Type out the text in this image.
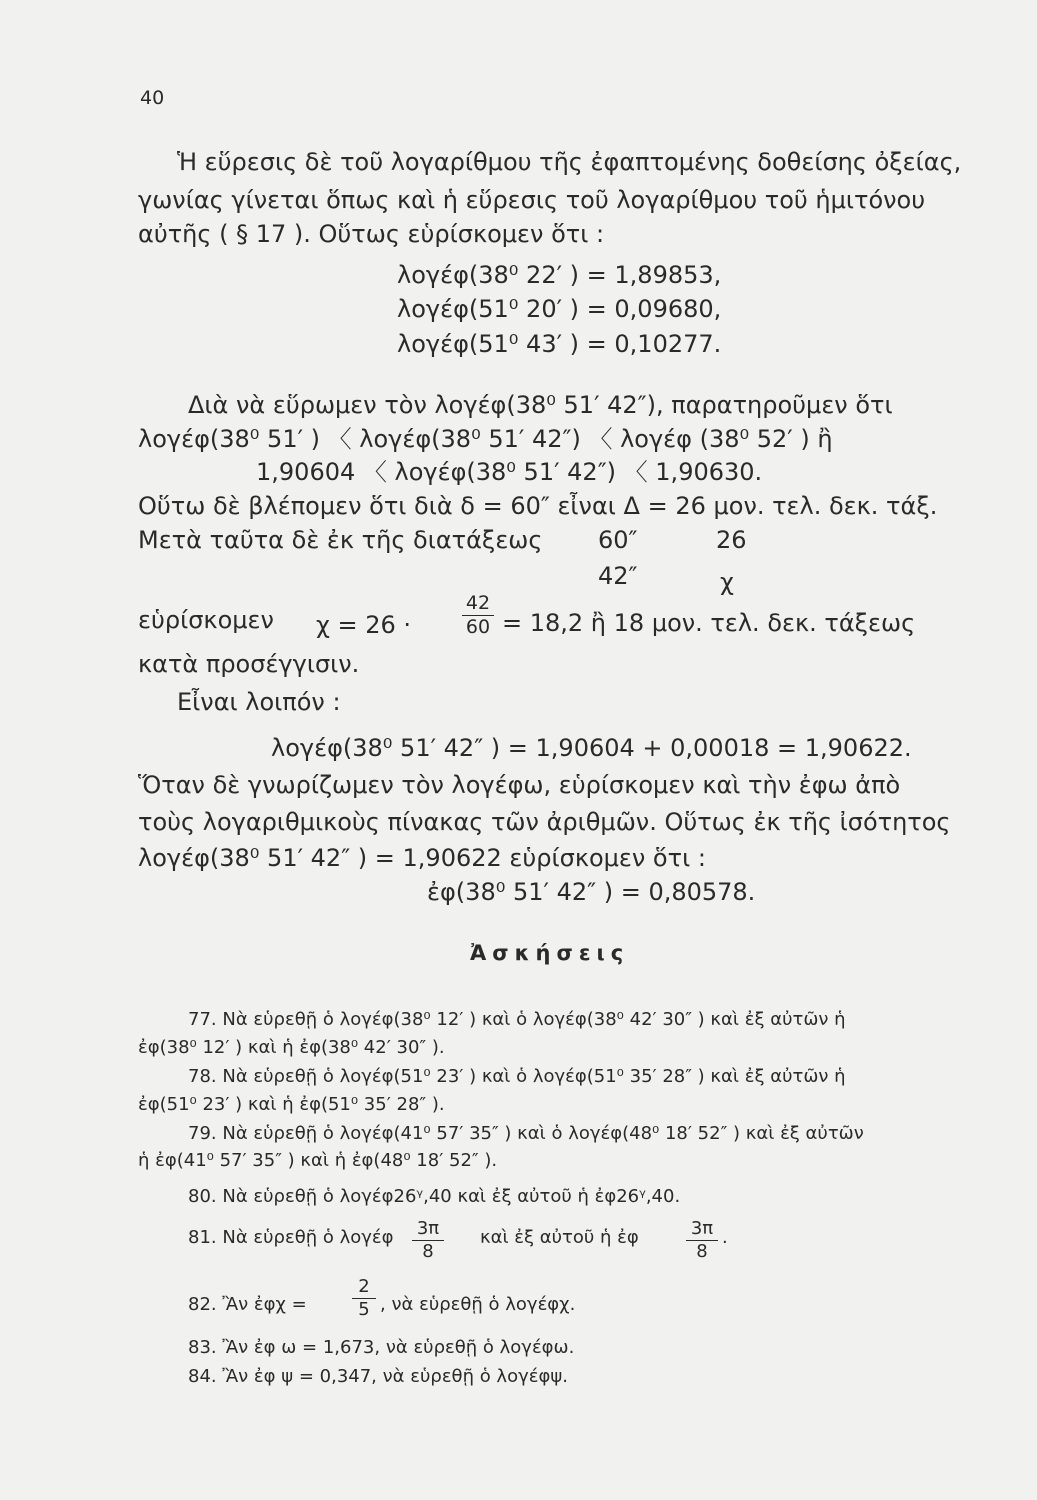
40
Ἡ εὕρεσις δὲ τοῦ λογαρίθμου τῆς ἐφαπτομένης δοθείσης ὀξείας,
γωνίας γίνεται ὅπως καὶ ἡ εὕρεσις τοῦ λογαρίθμου τοῦ ἡμιτόνου
αὐτῆς ( § 17 ). Οὕτως εὑρίσκομεν ὅτι :
λογέφ(38⁰ 22′ ) = 1,89853,
λογέφ(51⁰ 20′ ) = 0,09680,
λογέφ(51⁰ 43′ ) = 0,10277.
Διὰ νὰ εὕρωμεν τὸν λογέφ(38⁰ 51′ 42″), παρατηροῦμεν ὅτι
λογέφ(38⁰ 51′ ) 〈 λογέφ(38⁰ 51′ 42″) 〈 λογέφ (38⁰ 52′ ) ἢ
1,90604 〈 λογέφ(38⁰ 51′ 42″) 〈 1,90630.
Οὕτω δὲ βλέπομεν ὅτι διὰ δ = 60″ εἶναι Δ = 26 μον. τελ. δεκ. τάξ.
Μετὰ ταῦτα δὲ ἐκ τῆς διατάξεως 60″	26
42″	χ
εὑρίσκομεν χ = 26 ·	$\frac{42}{60} = 18,2$ ἢ 18 μον. τελ. δεκ. τάξεως
κατὰ προσέγγισιν.
Εἶναι λοιπόν :
λογέφ(38⁰ 51′ 42″ ) = 1,90604 + 0,00018 = 1,90622.
Ὅταν δὲ γνωρίζωμεν τὸν λογέφω, εὑρίσκομεν καὶ τὴν ἐφω ἀπὸ
τοὺς λογαριθμικοὺς πίνακας τῶν ἀριθμῶν. Οὕτως ἐκ τῆς ἰσότητος
λογέφ(38⁰ 51′ 42″ ) = 1,90622 εὑρίσκομεν ὅτι :
ἐφ(38⁰ 51′ 42″ ) = 0,80578.
Ἀσκήσεις
77. Νὰ εὑρεθῇ ὁ λογέφ(38⁰ 12′ ) καὶ ὁ λογέφ(38⁰ 42′ 30″ ) καὶ ἐξ αὐτῶν ἡ
ἐφ(38⁰ 12′ ) καὶ ἡ ἐφ(38⁰ 42′ 30″ ).
78. Νὰ εὑρεθῇ ὁ λογέφ(51⁰ 23′ ) καὶ ὁ λογέφ(51⁰ 35′ 28″ ) καὶ ἐξ αὐτῶν ἡ
ἐφ(51⁰ 23′ ) καὶ ἡ ἐφ(51⁰ 35′ 28″ ).
79. Νὰ εὑρεθῇ ὁ λογέφ(41⁰ 57′ 35″ ) καὶ ὁ λογέφ(48⁰ 18′ 52″ ) καὶ ἐξ αὐτῶν
ἡ ἐφ(41⁰ 57′ 35″ ) καὶ ἡ ἐφ(48⁰ 18′ 52″ ).
80. Νὰ εὑρεθῇ ὁ λογέφ26ᵞ,40 καὶ ἐξ αὐτοῦ ἡ ἐφ26ᵞ,40.
81. Νὰ εὑρεθῇ ὁ λογέφ $\frac{3\pi}{8}$ καὶ ἐξ αὐτοῦ ἡ ἐφ	$\frac{3\pi}{8}$ .
82. Ἂν ἐφχ =	$\frac{2}{5}$ , νὰ εὑρεθῇ ὁ λογέφχ.
83. Ἂν ἐφ ω = 1,673, νὰ εὑρεθῇ ὁ λογέφω.
84. Ἂν ἐφ ψ = 0,347, νὰ εὑρεθῇ ὁ λογέφψ.
